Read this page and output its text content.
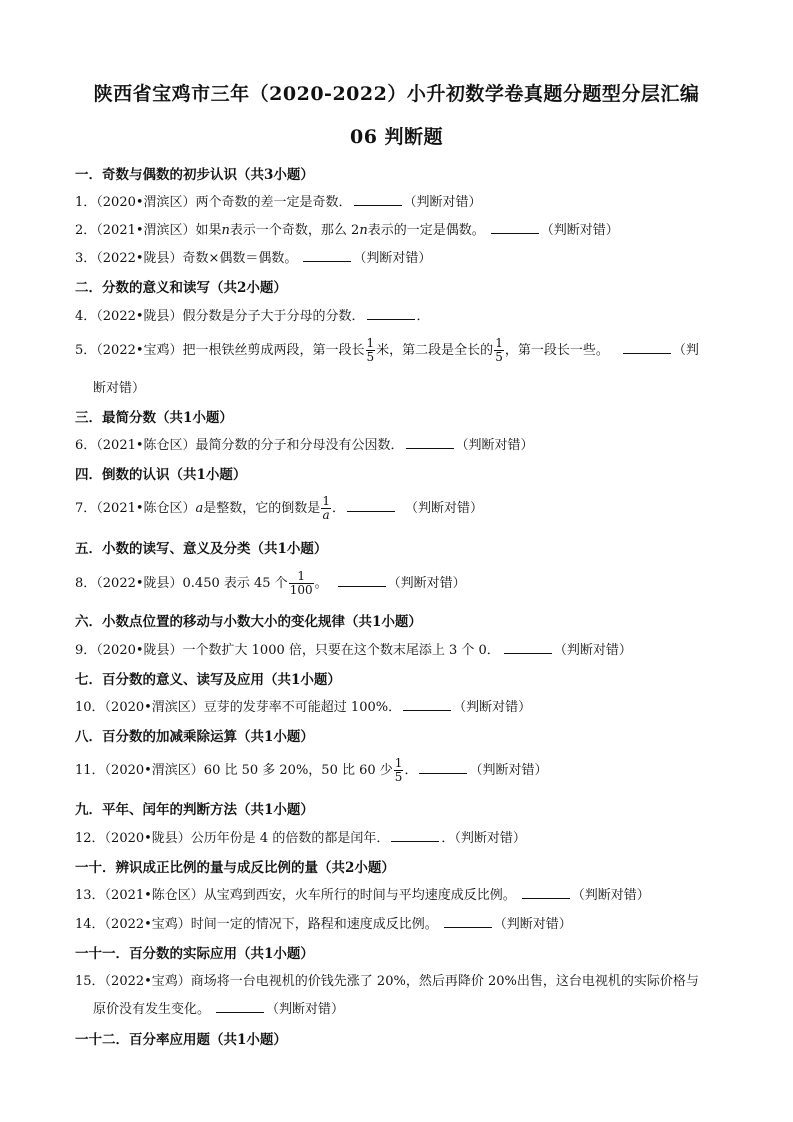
陕西省宝鸡市三年（2020-2022）小升初数学卷真题分题型分层汇编
06 判断题
一．奇数与偶数的初步认识（共3小题）
1．（2020•渭滨区）两个奇数的差一定是奇数．	（判断对错）
2．（2021•渭滨区）如果n表示一个奇数，那么 2n表示的一定是偶数。	（判断对错）
3．（2022•陇县）奇数×偶数＝偶数。	（判断对错）
二．分数的意义和读写（共2小题）
4．（2022•陇县）假分数是分子大于分母的分数．	．
5．（2022•宝鸡）把一根铁丝剪成两段，第一段长 $\frac{1}{5}$ 米，第二段是全长的 $\frac{1}{5}$ ，第一段长一些。	（判
断对错）
三．最简分数（共1小题）
6．（2021•陈仓区）最简分数的分子和分母没有公因数．	（判断对错）
四．倒数的认识（共1小题）
7．（2021•陈仓区）a是整数，它的倒数是 $\frac{1}{a}$ ．	（判断对错）
五．小数的读写、意义及分类（共1小题）
8．（2022•陇县）0.450 表示 45 个 $\frac{1}{100}$ 。	（判断对错）
六．小数点位置的移动与小数大小的变化规律（共1小题）
9．（2020•陇县）一个数扩大 1000 倍，只要在这个数末尾添上 3 个 0．	（判断对错）
七．百分数的意义、读写及应用（共1小题）
10．（2020•渭滨区）豆芽的发芽率不可能超过 100%．	（判断对错）
八．百分数的加减乘除运算（共1小题）
11．（2020•渭滨区）60 比 50 多 20%，50 比 60 少 $\frac{1}{5}$ ．	（判断对错）
九．平年、闰年的判断方法（共1小题）
12．（2020•陇县）公历年份是 4 的倍数的都是闰年．	．（判断对错）
一十．辨识成正比例的量与成反比例的量（共2小题）
13．（2021•陈仓区）从宝鸡到西安，火车所行的时间与平均速度成反比例。	（判断对错）
14．（2022•宝鸡）时间一定的情况下，路程和速度成反比例。	（判断对错）
一十一．百分数的实际应用（共1小题）
15．（2022•宝鸡）商场将一台电视机的价钱先涨了 20%，然后再降价 20%出售，这台电视机的实际价格与
原价没有发生变化。	（判断对错）
一十二．百分率应用题（共1小题）
